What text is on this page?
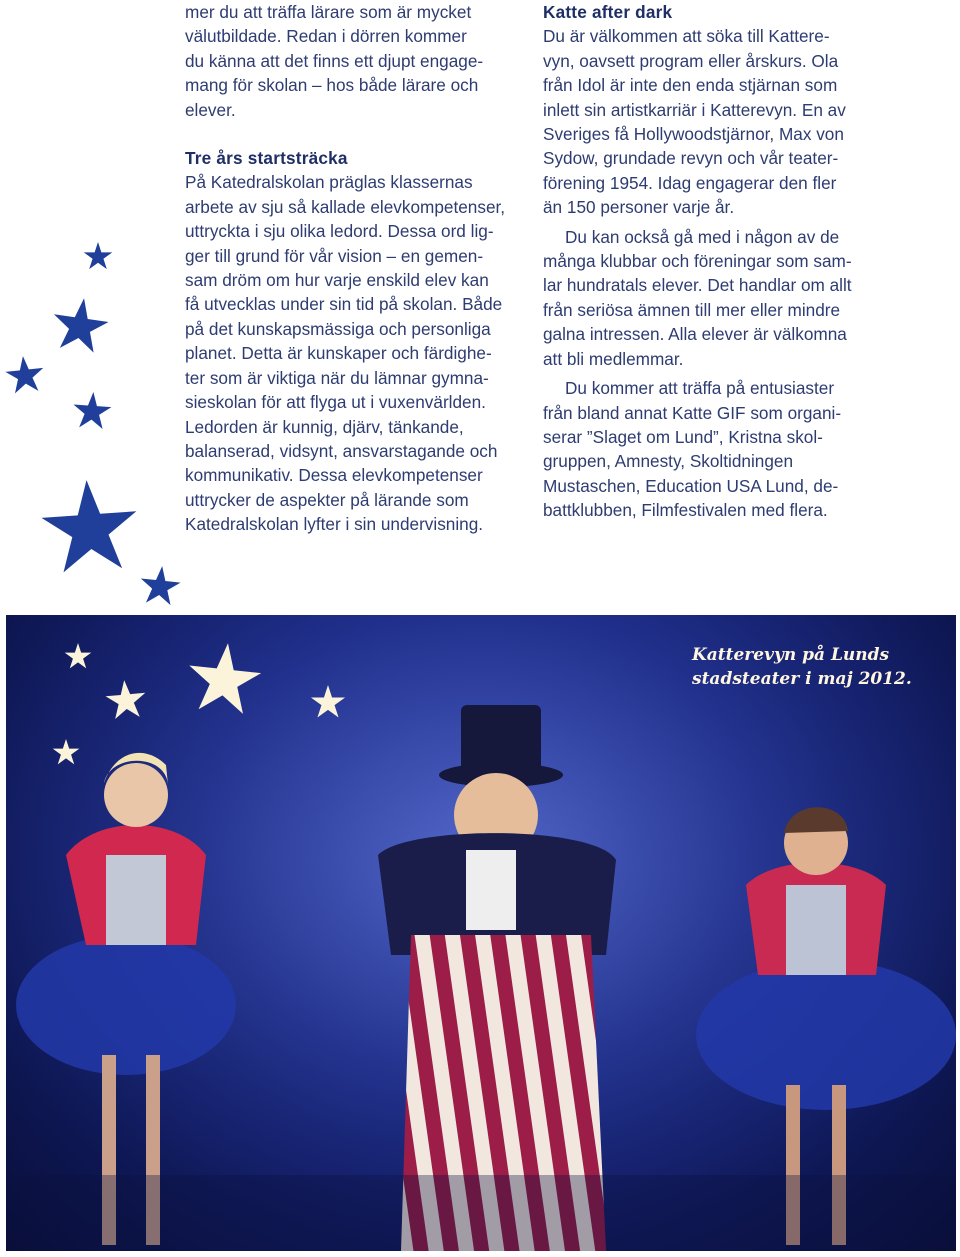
mer du att träffa lärare som är mycket
välutbildade. Redan i dörren kommer
du känna att det finns ett djupt engage-
mang för skolan – hos både lärare och
elever.

Tre års startsträcka

På Katedralskolan präglas klassernas
arbete av sju så kallade elevkompetenser,
uttryckta i sju olika ledord. Dessa ord lig-
ger till grund för vår vision – en gemen-
sam dröm om hur varje enskild elev kan
få utvecklas under sin tid på skolan. Både
på det kunskapsmässiga och personliga
planet. Detta är kunskaper och färdighe-
ter som är viktiga när du lämnar gymna-
sieskolan för att flyga ut i vuxenvärlden.
Ledorden är kunnig, djärv, tänkande,
balanserad, vidsynt, ansvarstagande och
kommunikativ. Dessa elevkompetenser
uttrycker de aspekter på lärande som
Katedralskolan lyfter i sin undervisning.

Katte after dark

Du är välkommen att söka till Kattere-
vyn, oavsett program eller årskurs. Ola
från Idol är inte den enda stjärnan som
inlett sin artistkarriär i Katterevyn. En av
Sveriges få Hollywoodstjärnor, Max von
Sydow, grundade revyn och vår teater-
förening 1954. Idag engagerar den fler
än 150 personer varje år.

Du kan också gå med i någon av de
många klubbar och föreningar som sam-
lar hundratals elever. Det handlar om allt
från seriösa ämnen till mer eller mindre
galna intressen. Alla elever är välkomna
att bli medlemmar.

Du kommer att träffa på entusiaster
från bland annat Katte GIF som organi-
serar ”Slaget om Lund”, Kristna skol-
gruppen, Amnesty, Skoltidningen
Mustaschen, Education USA Lund, de-
battklubben, Filmfestivalen med flera.

Katterevyn på Lunds
stadsteater i maj 2012.
